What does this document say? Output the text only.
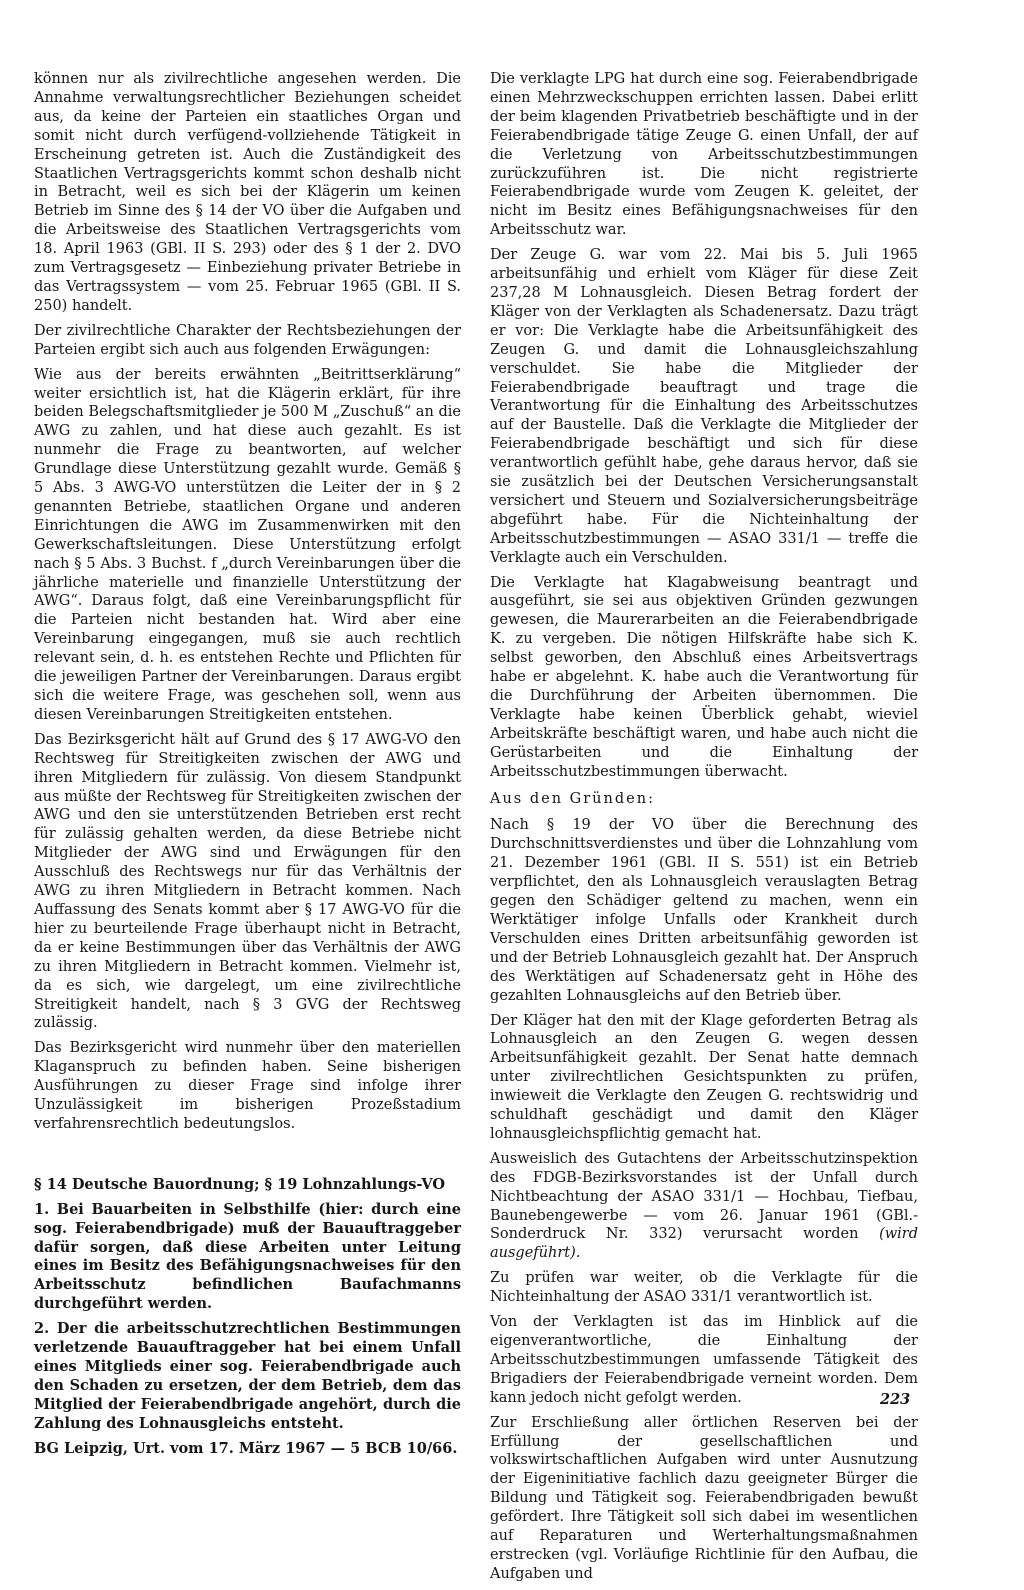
können nur als zivilrechtliche angesehen werden. Die Annahme verwaltungsrechtlicher Beziehungen scheidet aus, da keine der Parteien ein staatliches Organ und somit nicht durch verfügend-vollziehende Tätigkeit in Erscheinung getreten ist. Auch die Zuständigkeit des Staatlichen Vertragsgerichts kommt schon deshalb nicht in Betracht, weil es sich bei der Klägerin um keinen Betrieb im Sinne des § 14 der VO über die Aufgaben und die Arbeitsweise des Staatlichen Vertragsgerichts vom 18. April 1963 (GBl. II S. 293) oder des § 1 der 2. DVO zum Vertragsgesetz — Einbeziehung privater Betriebe in das Vertragssystem — vom 25. Februar 1965 (GBl. II S. 250) handelt.

Der zivilrechtliche Charakter der Rechtsbeziehungen der Parteien ergibt sich auch aus folgenden Erwägungen:

Wie aus der bereits erwähnten „Beitrittserklärung“ weiter ersichtlich ist, hat die Klägerin erklärt, für ihre beiden Belegschaftsmitglieder je 500 M „Zuschuß“ an die AWG zu zahlen, und hat diese auch gezahlt. Es ist nunmehr die Frage zu beantworten, auf welcher Grundlage diese Unterstützung gezahlt wurde. Gemäß § 5 Abs. 3 AWG-VO unterstützen die Leiter der in § 2 genannten Betriebe, staatlichen Organe und anderen Einrichtungen die AWG im Zusammenwirken mit den Gewerkschaftsleitungen. Diese Unterstützung erfolgt nach § 5 Abs. 3 Buchst. f „durch Vereinbarungen über die jährliche materielle und finanzielle Unterstützung der AWG“. Daraus folgt, daß eine Vereinbarungspflicht für die Parteien nicht bestanden hat. Wird aber eine Vereinbarung eingegangen, muß sie auch rechtlich relevant sein, d. h. es entstehen Rechte und Pflichten für die jeweiligen Partner der Vereinbarungen. Daraus ergibt sich die weitere Frage, was geschehen soll, wenn aus diesen Vereinbarungen Streitigkeiten entstehen.

Das Bezirksgericht hält auf Grund des § 17 AWG-VO den Rechtsweg für Streitigkeiten zwischen der AWG und ihren Mitgliedern für zulässig. Von diesem Standpunkt aus müßte der Rechtsweg für Streitigkeiten zwischen der AWG und den sie unterstützenden Betrieben erst recht für zulässig gehalten werden, da diese Betriebe nicht Mitglieder der AWG sind und Erwägungen für den Ausschluß des Rechtswegs nur für das Verhältnis der AWG zu ihren Mitgliedern in Betracht kommen. Nach Auffassung des Senats kommt aber § 17 AWG-VO für die hier zu beurteilende Frage überhaupt nicht in Betracht, da er keine Bestimmungen über das Verhältnis der AWG zu ihren Mitgliedern in Betracht kommen. Vielmehr ist, da es sich, wie dargelegt, um eine zivilrechtliche Streitigkeit handelt, nach § 3 GVG der Rechtsweg zulässig.

Das Bezirksgericht wird nunmehr über den materiellen Klaganspruch zu befinden haben. Seine bisherigen Ausführungen zu dieser Frage sind infolge ihrer Unzulässigkeit im bisherigen Prozeßstadium verfahrensrechtlich bedeutungslos.

§ 14 Deutsche Bauordnung; § 19 Lohnzahlungs-VO

1. Bei Bauarbeiten in Selbsthilfe (hier: durch eine sog. Feierabendbrigade) muß der Bauauftraggeber dafür sorgen, daß diese Arbeiten unter Leitung eines im Besitz des Befähigungsnachweises für den Arbeitsschutz befindlichen Baufachmanns durchgeführt werden.

2. Der die arbeitsschutzrechtlichen Bestimmungen verletzende Bauauftraggeber hat bei einem Unfall eines Mitglieds einer sog. Feierabendbrigade auch den Schaden zu ersetzen, der dem Betrieb, dem das Mitglied der Feierabendbrigade angehört, durch die Zahlung des Lohnausgleichs entsteht.

BG Leipzig, Urt. vom 17. März 1967 — 5 BCB 10/66.

Die verklagte LPG hat durch eine sog. Feierabendbrigade einen Mehrzweckschuppen errichten lassen. Dabei erlitt der beim klagenden Privatbetrieb beschäftigte und in der Feierabendbrigade tätige Zeuge G. einen Unfall, der auf die Verletzung von Arbeitsschutzbestimmungen zurückzuführen ist. Die nicht registrierte Feierabendbrigade wurde vom Zeugen K. geleitet, der nicht im Besitz eines Befähigungsnachweises für den Arbeitsschutz war.

Der Zeuge G. war vom 22. Mai bis 5. Juli 1965 arbeitsunfähig und erhielt vom Kläger für diese Zeit 237,28 M Lohnausgleich. Diesen Betrag fordert der Kläger von der Verklagten als Schadenersatz. Dazu trägt er vor: Die Verklagte habe die Arbeitsunfähigkeit des Zeugen G. und damit die Lohnausgleichszahlung verschuldet. Sie habe die Mitglieder der Feierabendbrigade beauftragt und trage die Verantwortung für die Einhaltung des Arbeitsschutzes auf der Baustelle. Daß die Verklagte die Mitglieder der Feierabendbrigade beschäftigt und sich für diese verantwortlich gefühlt habe, gehe daraus hervor, daß sie sie zusätzlich bei der Deutschen Versicherungsanstalt versichert und Steuern und Sozialversicherungsbeiträge abgeführt habe. Für die Nichteinhaltung der Arbeitsschutzbestimmungen — ASAO 331/1 — treffe die Verklagte auch ein Verschulden.

Die Verklagte hat Klagabweisung beantragt und ausgeführt, sie sei aus objektiven Gründen gezwungen gewesen, die Maurerarbeiten an die Feierabendbrigade K. zu vergeben. Die nötigen Hilfskräfte habe sich K. selbst geworben, den Abschluß eines Arbeitsvertrags habe er abgelehnt. K. habe auch die Verantwortung für die Durchführung der Arbeiten übernommen. Die Verklagte habe keinen Überblick gehabt, wieviel Arbeitskräfte beschäftigt waren, und habe auch nicht die Gerüstarbeiten und die Einhaltung der Arbeitsschutzbestimmungen überwacht.

Aus den Gründen:

Nach § 19 der VO über die Berechnung des Durchschnittsverdienstes und über die Lohnzahlung vom 21. Dezember 1961 (GBl. II S. 551) ist ein Betrieb verpflichtet, den als Lohnausgleich verauslagten Betrag gegen den Schädiger geltend zu machen, wenn ein Werktätiger infolge Unfalls oder Krankheit durch Verschulden eines Dritten arbeitsunfähig geworden ist und der Betrieb Lohnausgleich gezahlt hat. Der Anspruch des Werktätigen auf Schadenersatz geht in Höhe des gezahlten Lohnausgleichs auf den Betrieb über.

Der Kläger hat den mit der Klage geforderten Betrag als Lohnausgleich an den Zeugen G. wegen dessen Arbeitsunfähigkeit gezahlt. Der Senat hatte demnach unter zivilrechtlichen Gesichtspunkten zu prüfen, inwieweit die Verklagte den Zeugen G. rechtswidrig und schuldhaft geschädigt und damit den Kläger lohnausgleichspflichtig gemacht hat.

Ausweislich des Gutachtens der Arbeitsschutzinspektion des FDGB-Bezirksvorstandes ist der Unfall durch Nichtbeachtung der ASAO 331/1 — Hochbau, Tiefbau, Baunebengewerbe — vom 26. Januar 1961 (GBl.-Sonderdruck Nr. 332) verursacht worden (wird ausgeführt).

Zu prüfen war weiter, ob die Verklagte für die Nichteinhaltung der ASAO 331/1 verantwortlich ist.

Von der Verklagten ist das im Hinblick auf die eigenverantwortliche, die Einhaltung der Arbeitsschutzbestimmungen umfassende Tätigkeit des Brigadiers der Feierabendbrigade verneint worden. Dem kann jedoch nicht gefolgt werden.

Zur Erschließung aller örtlichen Reserven bei der Erfüllung der gesellschaftlichen und volkswirtschaftlichen Aufgaben wird unter Ausnutzung der Eigeninitiative fachlich dazu geeigneter Bürger die Bildung und Tätigkeit sog. Feierabendbrigaden bewußt gefördert. Ihre Tätigkeit soll sich dabei im wesentlichen auf Reparaturen und Werterhaltungsmaßnahmen erstrecken (vgl. Vorläufige Richtlinie für den Aufbau, die Aufgaben und

223
